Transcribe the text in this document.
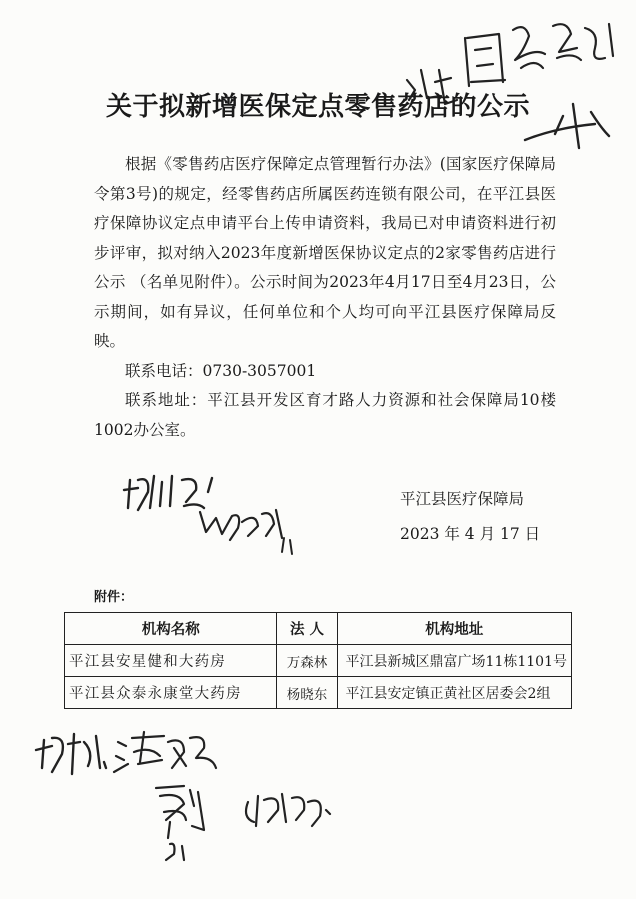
关于拟新增医保定点零售药店的公示

根据《零售药店医疗保障定点管理暂行办法》(国家医疗保障局令第3号)的规定，经零售药店所属医药连锁有限公司，在平江县医疗保障协议定点申请平台上传申请资料，我局已对申请资料进行初步评审，拟对纳入2023年度新增医保协议定点的2家零售药店进行公示 （名单见附件）。公示时间为2023年4月17日至4月23日，公示期间，如有异议，任何单位和个人均可向平江县医疗保障局反映。

联系电话：0730-3057001

联系地址：平江县开发区育才路人力资源和社会保障局10楼1002办公室。

平江县医疗保障局
2023 年 4 月 17 日
附件：
机构名称	法 人	机构地址
平江县安星健和大药房	万森林	平江县新城区鼎富广场11栋1101号
平江县众泰永康堂大药房	杨晓东	平江县安定镇正黄社区居委会2组
